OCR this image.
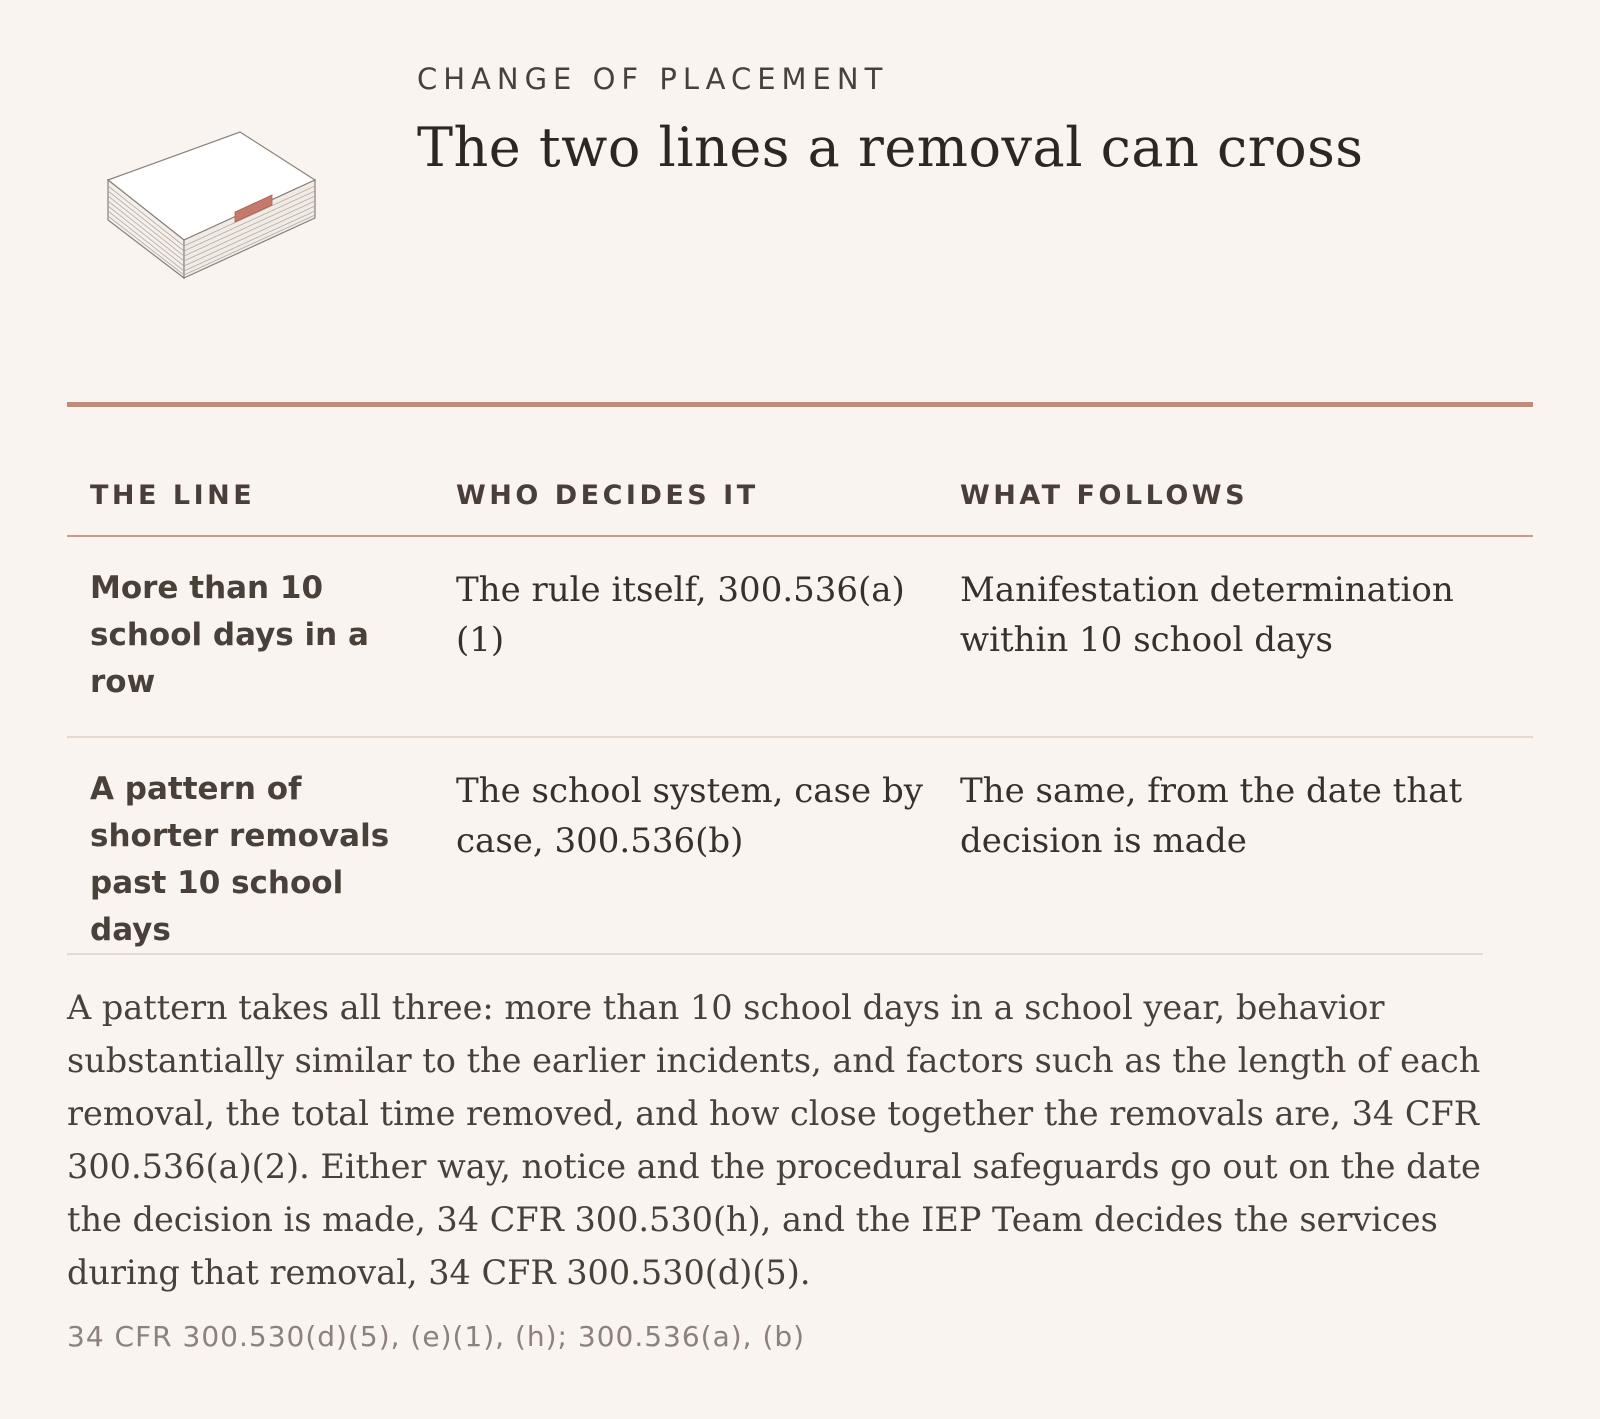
CHANGE OF PLACEMENT
The two lines a removal can cross
THE LINE	WHO DECIDES IT	WHAT FOLLOWS
More than 10 school days in a row	The rule itself, 300.536(a)(1)	Manifestation determination within 10 school days
A pattern of shorter removals past 10 school days	The school system, case by case, 300.536(b)	The same, from the date that decision is made

A pattern takes all three: more than 10 school days in a school year, behavior substantially similar to the earlier incidents, and factors such as the length of each removal, the total time removed, and how close together the removals are, 34 CFR 300.536(a)(2). Either way, notice and the procedural safeguards go out on the date the decision is made, 34 CFR 300.530(h), and the IEP Team decides the services during that removal, 34 CFR 300.530(d)(5).

34 CFR 300.530(d)(5), (e)(1), (h); 300.536(a), (b)
